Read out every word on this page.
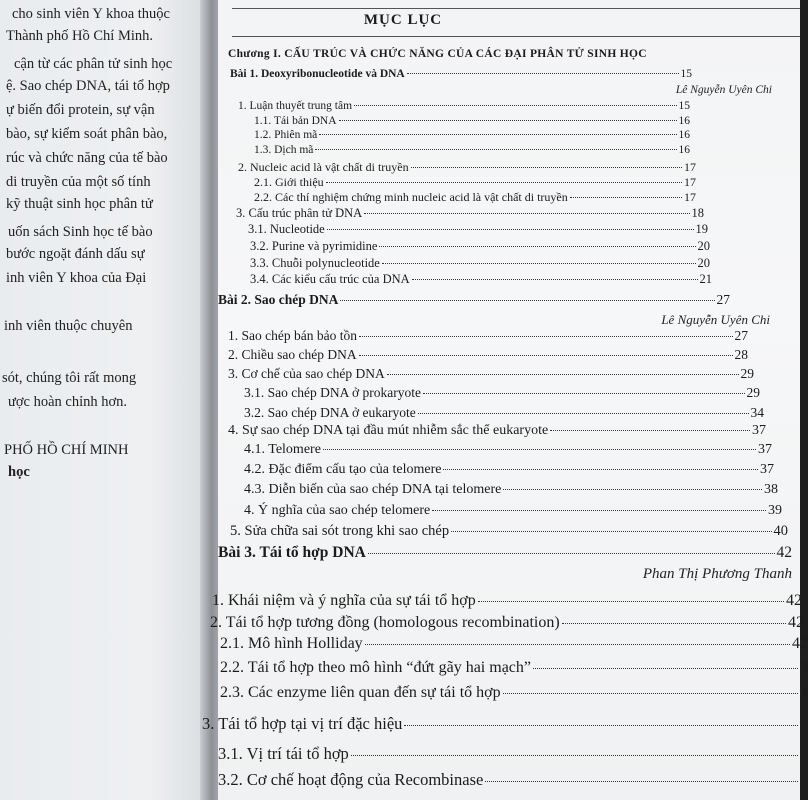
cho sinh viên Y khoa thuộc
Thành phố Hồ Chí Minh.
cận từ các phân tử sinh học
ệ. Sao chép DNA, tái tổ hợp
ự biến đổi protein, sự vận
bào, sự kiểm soát phân bào,
rúc và chức năng của tế bào
di truyền của một số tính
kỹ thuật sinh học phân tử
uốn sách Sinh học tế bào
bước ngoặt đánh dấu sự
inh viên Y khoa của Đại
inh viên thuộc chuyên
sót, chúng tôi rất mong
ược hoàn chỉnh hơn.
PHỐ HỒ CHÍ MINH
học
MỤC LỤC
Chương I. CẤU TRÚC VÀ CHỨC NĂNG CỦA CÁC ĐẠI PHÂN TỬ SINH HỌC
Bài 1. Deoxyribonucleotide và DNA	15
Lê Nguyễn Uyên Chi
1. Luận thuyết trung tâm	15
1.1. Tái bản DNA	16
1.2. Phiên mã	16
1.3. Dịch mã	16
2. Nucleic acid là vật chất di truyền	17
2.1. Giới thiệu	17
2.2. Các thí nghiệm chứng minh nucleic acid là vật chất di truyền	17
3. Cấu trúc phân tử DNA	18
3.1. Nucleotide	19
3.2. Purine và pyrimidine	20
3.3. Chuỗi polynucleotide	20
3.4. Các kiểu cấu trúc của DNA	21
Bài 2. Sao chép DNA	27
Lê Nguyễn Uyên Chi
1. Sao chép bán bảo tồn	27
2. Chiều sao chép DNA	28
3. Cơ chế của sao chép DNA	29
3.1. Sao chép DNA ở prokaryote	29
3.2. Sao chép DNA ở eukaryote	34
4. Sự sao chép DNA tại đầu mút nhiễm sắc thể eukaryote	37
4.1. Telomere	37
4.2. Đặc điểm cấu tạo của telomere	37
4.3. Diễn biến của sao chép DNA tại telomere	38
4. Ý nghĩa của sao chép telomere	39
5. Sửa chữa sai sót trong khi sao chép	40
Bài 3. Tái tổ hợp DNA	42
Phan Thị Phương Thanh
1. Khái niệm và ý nghĩa của sự tái tổ hợp	42
2. Tái tổ hợp tương đồng (homologous recombination)	42
2.1. Mô hình Holliday	42
2.2. Tái tổ hợp theo mô hình “đứt gãy hai mạch”	4
2.3. Các enzyme liên quan đến sự tái tổ hợp	4
3. Tái tổ hợp tại vị trí đặc hiệu
3.1. Vị trí tái tổ hợp
3.2. Cơ chế hoạt động của Recombinase
